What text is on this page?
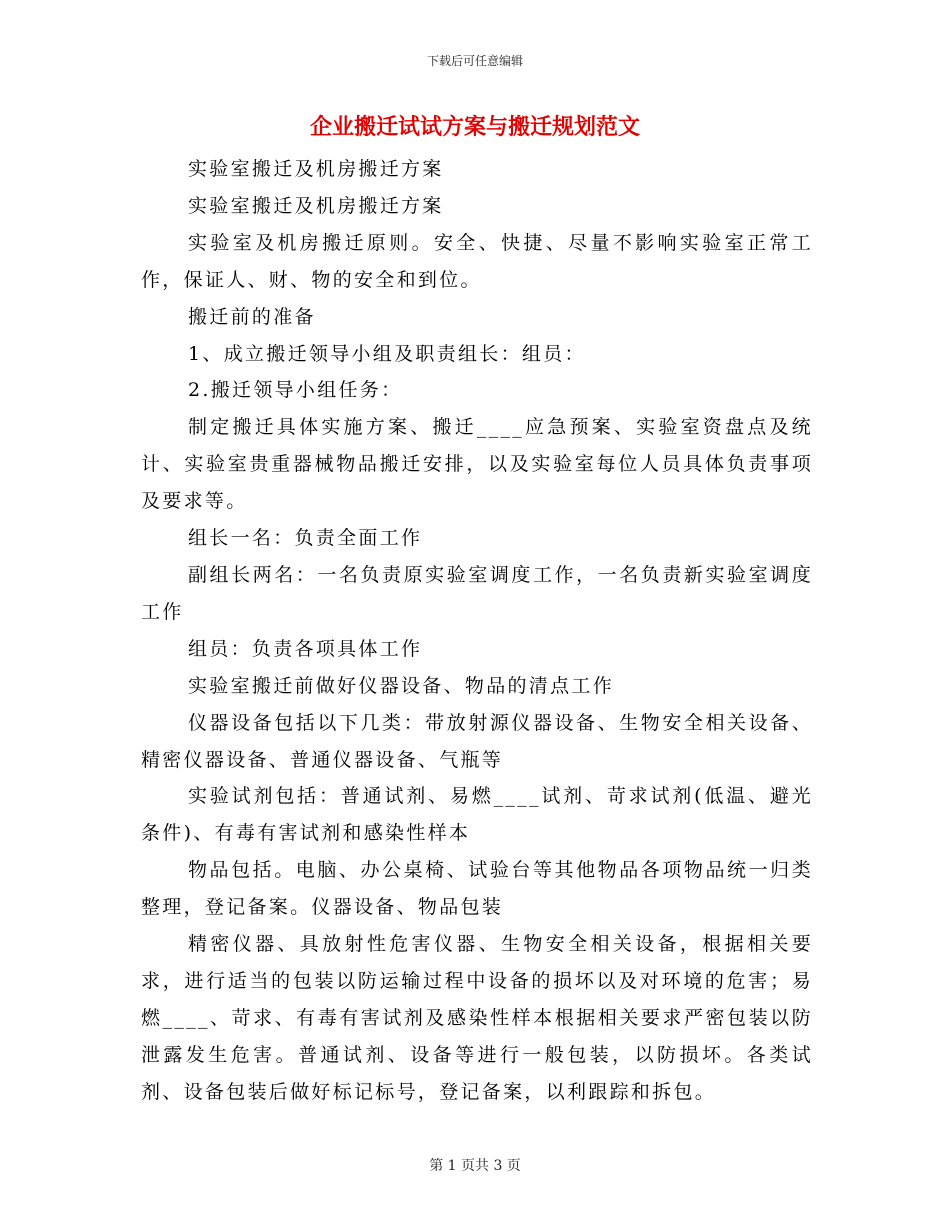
下载后可任意编辑
企业搬迁试试方案与搬迁规划范文

实验室搬迁及机房搬迁方案

实验室搬迁及机房搬迁方案

实验室及机房搬迁原则。安全、快捷、尽量不影响实验室正常工作，保证人、财、物的安全和到位。

搬迁前的准备

1、成立搬迁领导小组及职责组长：组员：

2.搬迁领导小组任务：

制定搬迁具体实施方案、搬迁____应急预案、实验室资盘点及统计、实验室贵重器械物品搬迁安排，以及实验室每位人员具体负责事项及要求等。

组长一名：负责全面工作

副组长两名：一名负责原实验室调度工作，一名负责新实验室调度工作

组员：负责各项具体工作

实验室搬迁前做好仪器设备、物品的清点工作

仪器设备包括以下几类：带放射源仪器设备、生物安全相关设备、精密仪器设备、普通仪器设备、气瓶等

实验试剂包括：普通试剂、易燃____试剂、苛求试剂(低温、避光条件)、有毒有害试剂和感染性样本

物品包括。电脑、办公桌椅、试验台等其他物品各项物品统一归类整理，登记备案。仪器设备、物品包装

精密仪器、具放射性危害仪器、生物安全相关设备，根据相关要求，进行适当的包装以防运输过程中设备的损坏以及对环境的危害；易燃____、苛求、有毒有害试剂及感染性样本根据相关要求严密包装以防泄露发生危害。普通试剂、设备等进行一般包装，以防损坏。各类试剂、设备包装后做好标记标号，登记备案，以利跟踪和拆包。

第 1 页共 3 页
